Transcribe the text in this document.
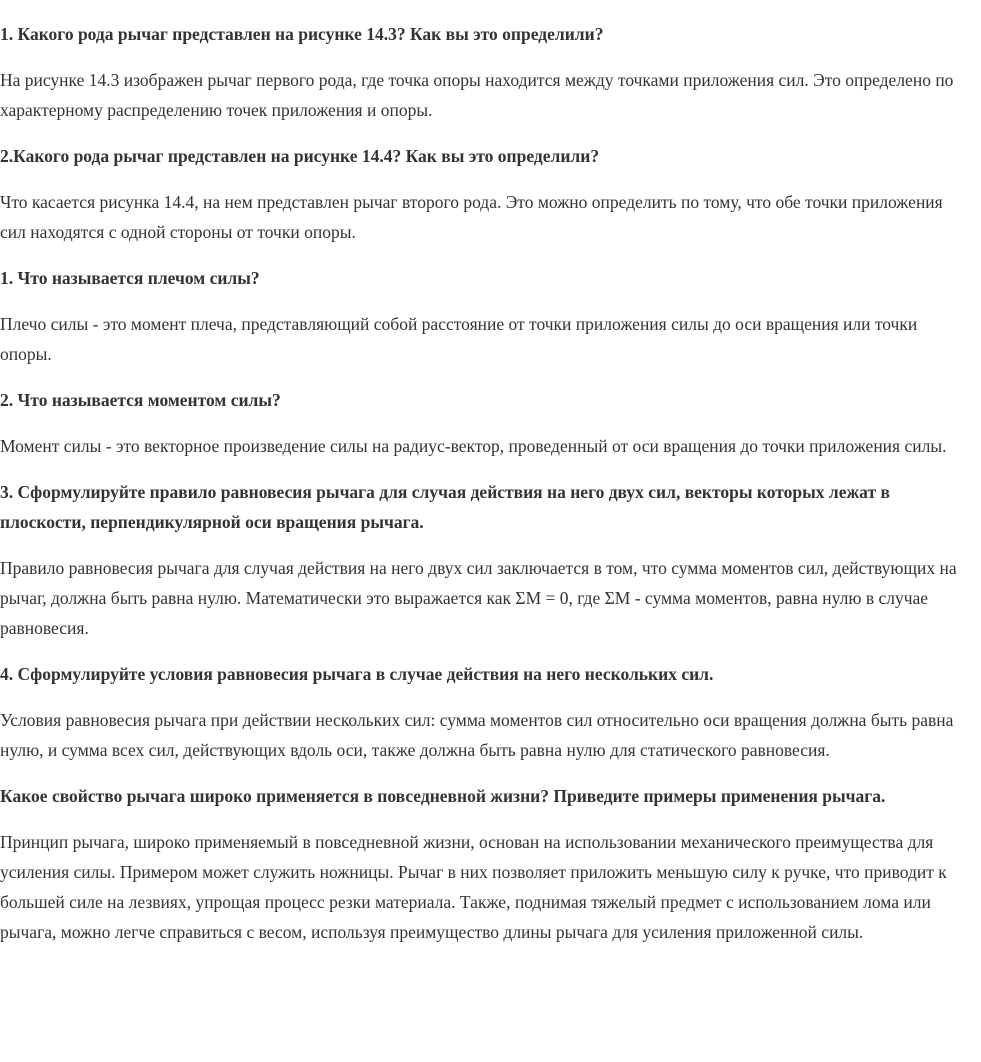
1. Какого рода рычаг представлен на рисунке 14.3? Как вы это определили?

На рисунке 14.3 изображен рычаг первого рода, где точка опоры находится между точками приложения сил. Это определено по характерному распределению точек приложения и опоры.

2.Какого рода рычаг представлен на рисунке 14.4? Как вы это определили?

Что касается рисунка 14.4, на нем представлен рычаг второго рода. Это можно определить по тому, что обе точки приложения сил находятся с одной стороны от точки опоры.

1. Что называется плечом силы?

Плечо силы - это момент плеча, представляющий собой расстояние от точки приложения силы до оси вращения или точки опоры.

2. Что называется моментом силы?

Момент силы - это векторное произведение силы на радиус-вектор, проведенный от оси вращения до точки приложения силы.

3. Сформулируйте правило равновесия рычага для случая действия на него двух сил, векторы которых лежат в плоскости, перпендикулярной оси вращения рычага.

Правило равновесия рычага для случая действия на него двух сил заключается в том, что сумма моментов сил, действующих на рычаг, должна быть равна нулю. Математически это выражается как ΣM = 0, где ΣM - сумма моментов, равна нулю в случае равновесия.

4. Сформулируйте условия равновесия рычага в случае действия на него нескольких сил.

Условия равновесия рычага при действии нескольких сил: сумма моментов сил относительно оси вращения должна быть равна нулю, и сумма всех сил, действующих вдоль оси, также должна быть равна нулю для статического равновесия.

Какое свойство рычага широко применяется в повседневной жизни? Приведите примеры применения рычага.

Принцип рычага, широко применяемый в повседневной жизни, основан на использовании механического преимущества для усиления силы. Примером может служить ножницы. Рычаг в них позволяет приложить меньшую силу к ручке, что приводит к большей силе на лезвиях, упрощая процесс резки материала. Также, поднимая тяжелый предмет с использованием лома или рычага, можно легче справиться с весом, используя преимущество длины рычага для усиления приложенной силы.
